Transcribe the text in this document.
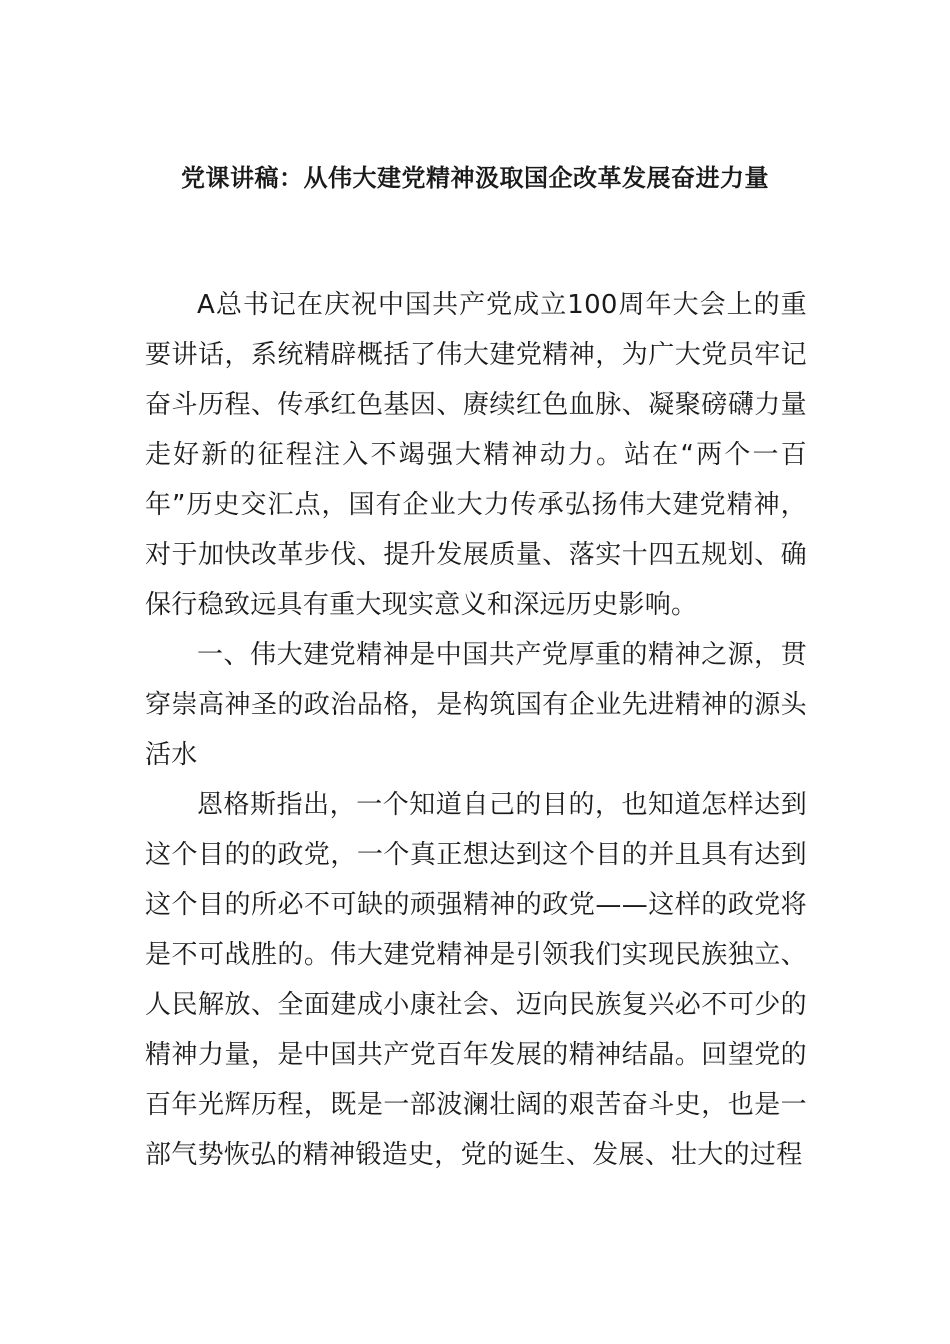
党课讲稿：从伟大建党精神汲取国企改革发展奋进力量

A总书记在庆祝中国共产党成立100周年大会上的重要讲话，系统精辟概括了伟大建党精神，为广大党员牢记奋斗历程、传承红色基因、赓续红色血脉、凝聚磅礴力量走好新的征程注入不竭强大精神动力。站在“两个一百年”历史交汇点，国有企业大力传承弘扬伟大建党精神，对于加快改革步伐、提升发展质量、落实十四五规划、确保行稳致远具有重大现实意义和深远历史影响。

一、伟大建党精神是中国共产党厚重的精神之源，贯穿崇高神圣的政治品格，是构筑国有企业先进精神的源头活水

恩格斯指出，一个知道自己的目的，也知道怎样达到这个目的的政党，一个真正想达到这个目的并且具有达到这个目的所必不可缺的顽强精神的政党——这样的政党将是不可战胜的。伟大建党精神是引领我们实现民族独立、人民解放、全面建成小康社会、迈向民族复兴必不可少的精神力量，是中国共产党百年发展的精神结晶。回望党的百年光辉历程，既是一部波澜壮阔的艰苦奋斗史，也是一部气势恢弘的精神锻造史，党的诞生、发展、壮大的过程
